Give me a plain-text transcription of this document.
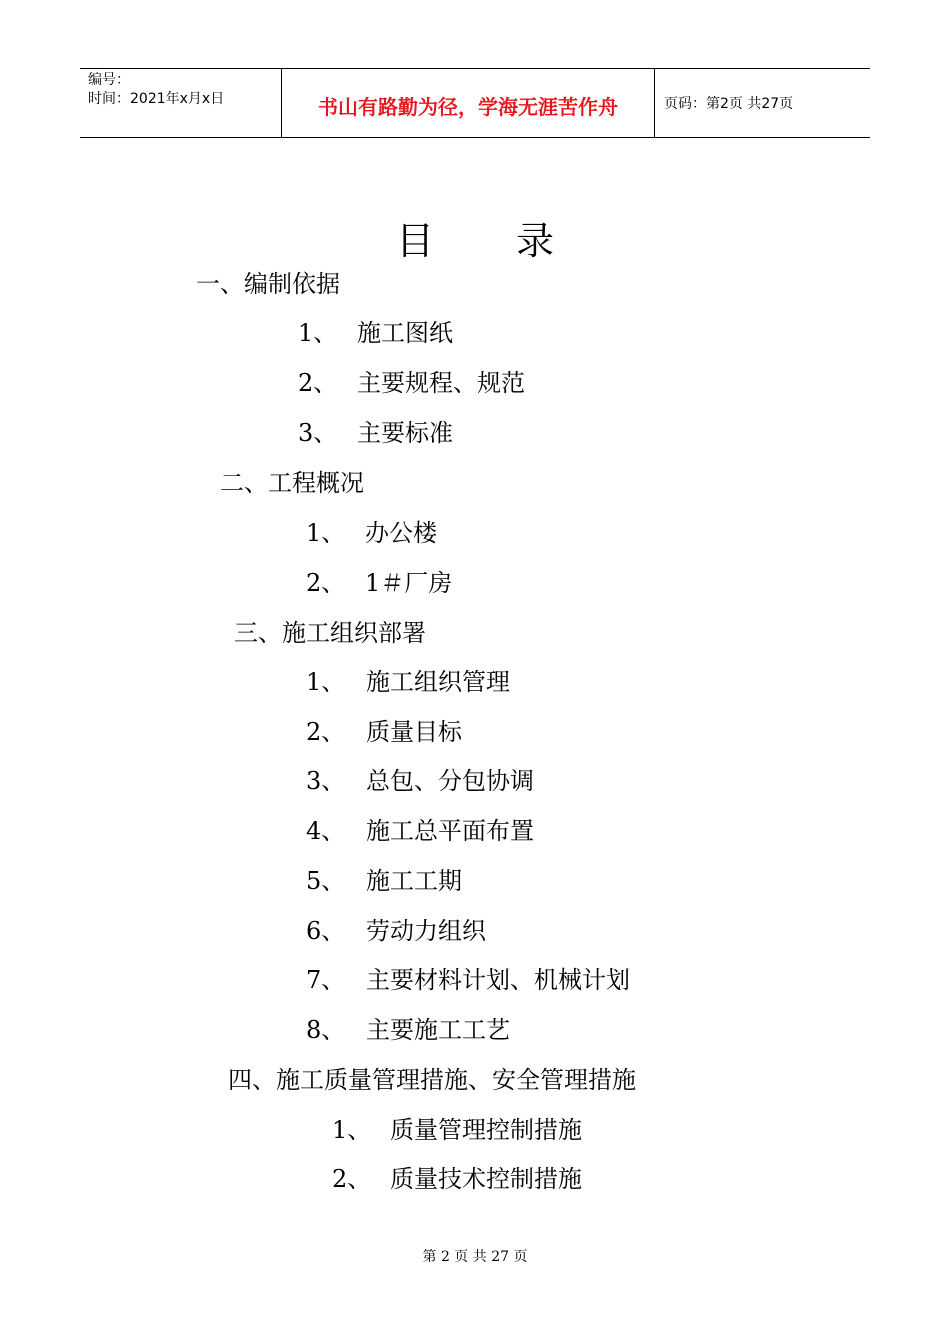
编号：
时间：2021年x月x日	书山有路勤为径，学海无涯苦作舟	页码：第2页 共27页
目 录
一、编制依据
1、 施工图纸
2、 主要规程、规范
3、 主要标准
二、工程概况
1、 办公楼
2、 1＃厂房
三、施工组织部署
1、 施工组织管理
2、 质量目标
3、 总包、分包协调
4、 施工总平面布置
5、 施工工期
6、 劳动力组织
7、 主要材料计划、机械计划
8、 主要施工工艺
四、施工质量管理措施、安全管理措施
1、 质量管理控制措施
2、 质量技术控制措施
第 2 页 共 27 页
